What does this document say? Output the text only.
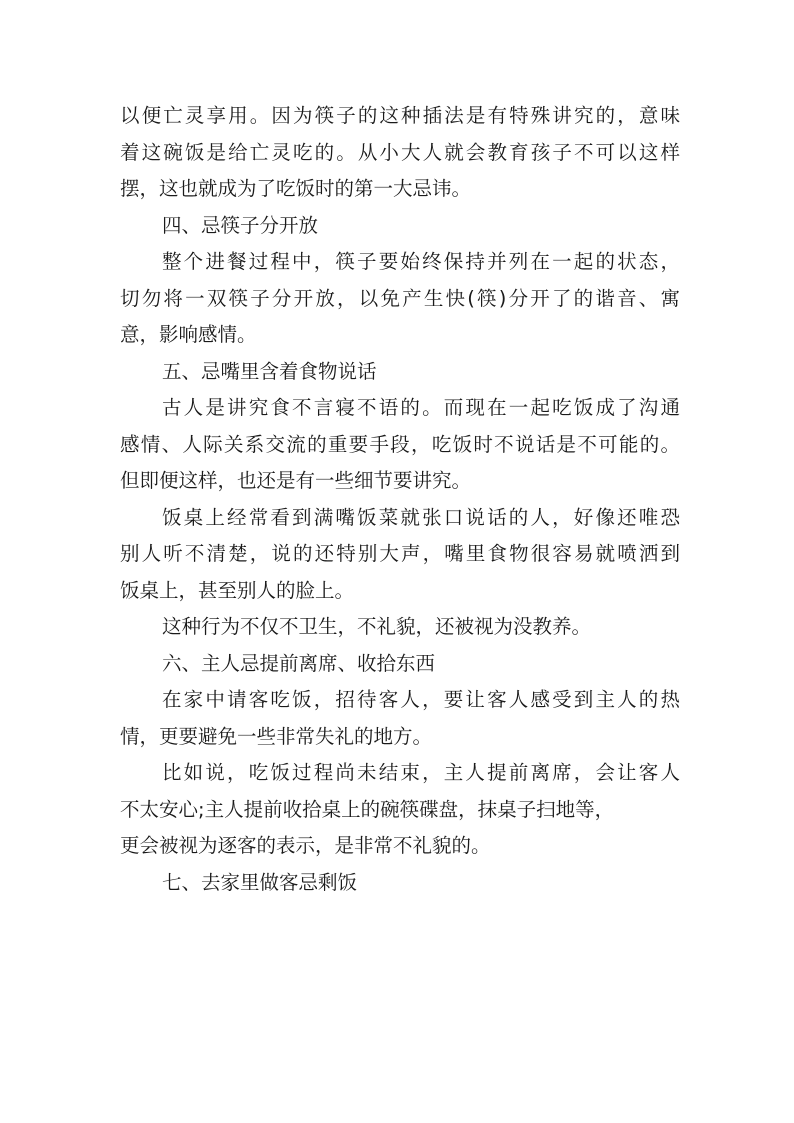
以便亡灵享用。因为筷子的这种插法是有特殊讲究的，意味
着这碗饭是给亡灵吃的。从小大人就会教育孩子不可以这样
摆，这也就成为了吃饭时的第一大忌讳。
四、忌筷子分开放
整个进餐过程中，筷子要始终保持并列在一起的状态，
切勿将一双筷子分开放，以免产生快(筷)分开了的谐音、寓
意，影响感情。
五、忌嘴里含着食物说话
古人是讲究食不言寝不语的。而现在一起吃饭成了沟通
感情、人际关系交流的重要手段，吃饭时不说话是不可能的。
但即便这样，也还是有一些细节要讲究。
饭桌上经常看到满嘴饭菜就张口说话的人，好像还唯恐
别人听不清楚，说的还特别大声，嘴里食物很容易就喷洒到
饭桌上，甚至别人的脸上。
这种行为不仅不卫生，不礼貌，还被视为没教养。
六、主人忌提前离席、收拾东西
在家中请客吃饭，招待客人，要让客人感受到主人的热
情，更要避免一些非常失礼的地方。
比如说，吃饭过程尚未结束，主人提前离席，会让客人
不太安心;主人提前收拾桌上的碗筷碟盘，抹桌子扫地等，
更会被视为逐客的表示，是非常不礼貌的。
七、去家里做客忌剩饭
